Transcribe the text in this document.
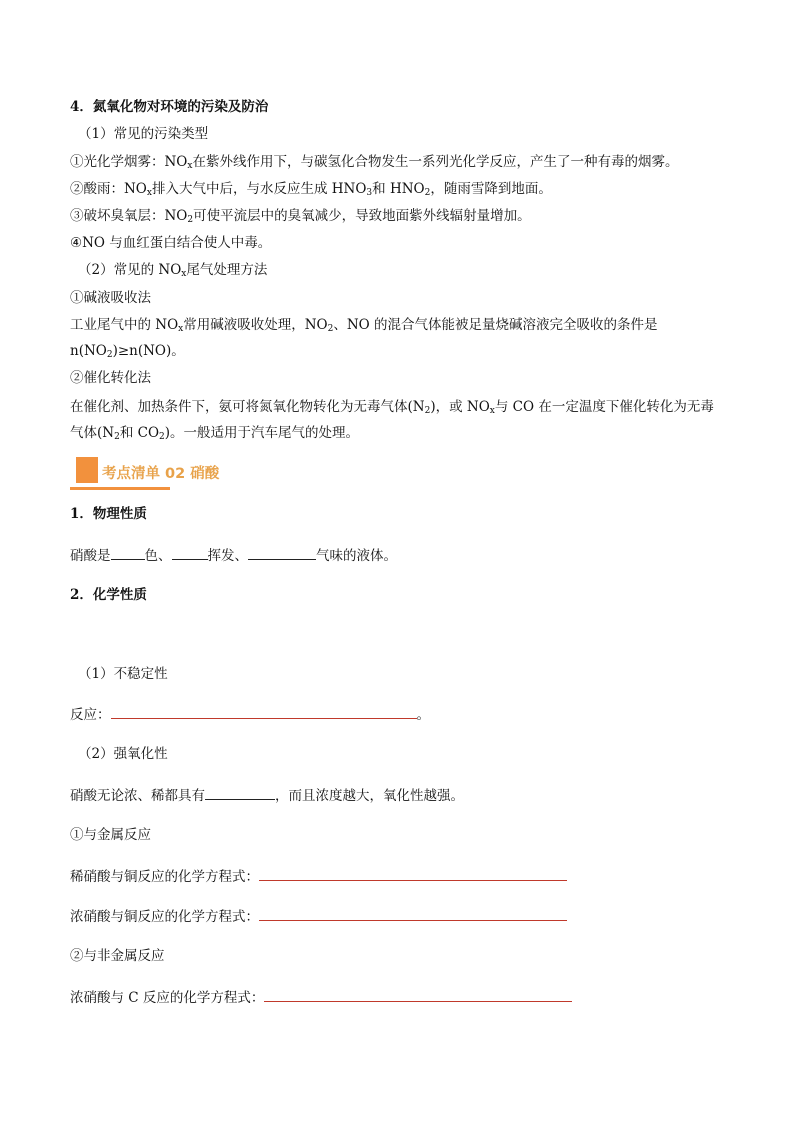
4．氮氧化物对环境的污染及防治
（1）常见的污染类型
①光化学烟雾：$NO_x$在紫外线作用下，与碳氢化合物发生一系列光化学反应，产生了一种有毒的烟雾。
②酸雨：$NO_x$排入大气中后，与水反应生成 $HNO_3$和 $HNO_2$，随雨雪降到地面。
③破坏臭氧层：$NO_2$可使平流层中的臭氧减少，导致地面紫外线辐射量增加。
④NO 与血红蛋白结合使人中毒。
（2）常见的 $NO_x$尾气处理方法
①碱液吸收法
工业尾气中的 $NO_x$常用碱液吸收处理，$NO_2$、NO 的混合气体能被足量烧碱溶液完全吸收的条件是
$n(NO_2)\ge n(NO)$。
②催化转化法
在催化剂、加热条件下，氨可将氮氧化物转化为无毒气体$(N_2)$，或 $NO_x$与 CO 在一定温度下催化转化为无毒
气体($N_2$和 $CO_2$)。一般适用于汽车尾气的处理。
考点清单 02 硝酸
1．物理性质
硝酸是	色、	挥发、	气味的液体。
2．化学性质
（1）不稳定性
反应：	。
（2）强氧化性
硝酸无论浓、稀都具有	，而且浓度越大，氧化性越强。
①与金属反应
稀硝酸与铜反应的化学方程式：
浓硝酸与铜反应的化学方程式：
②与非金属反应
浓硝酸与 C 反应的化学方程式：
